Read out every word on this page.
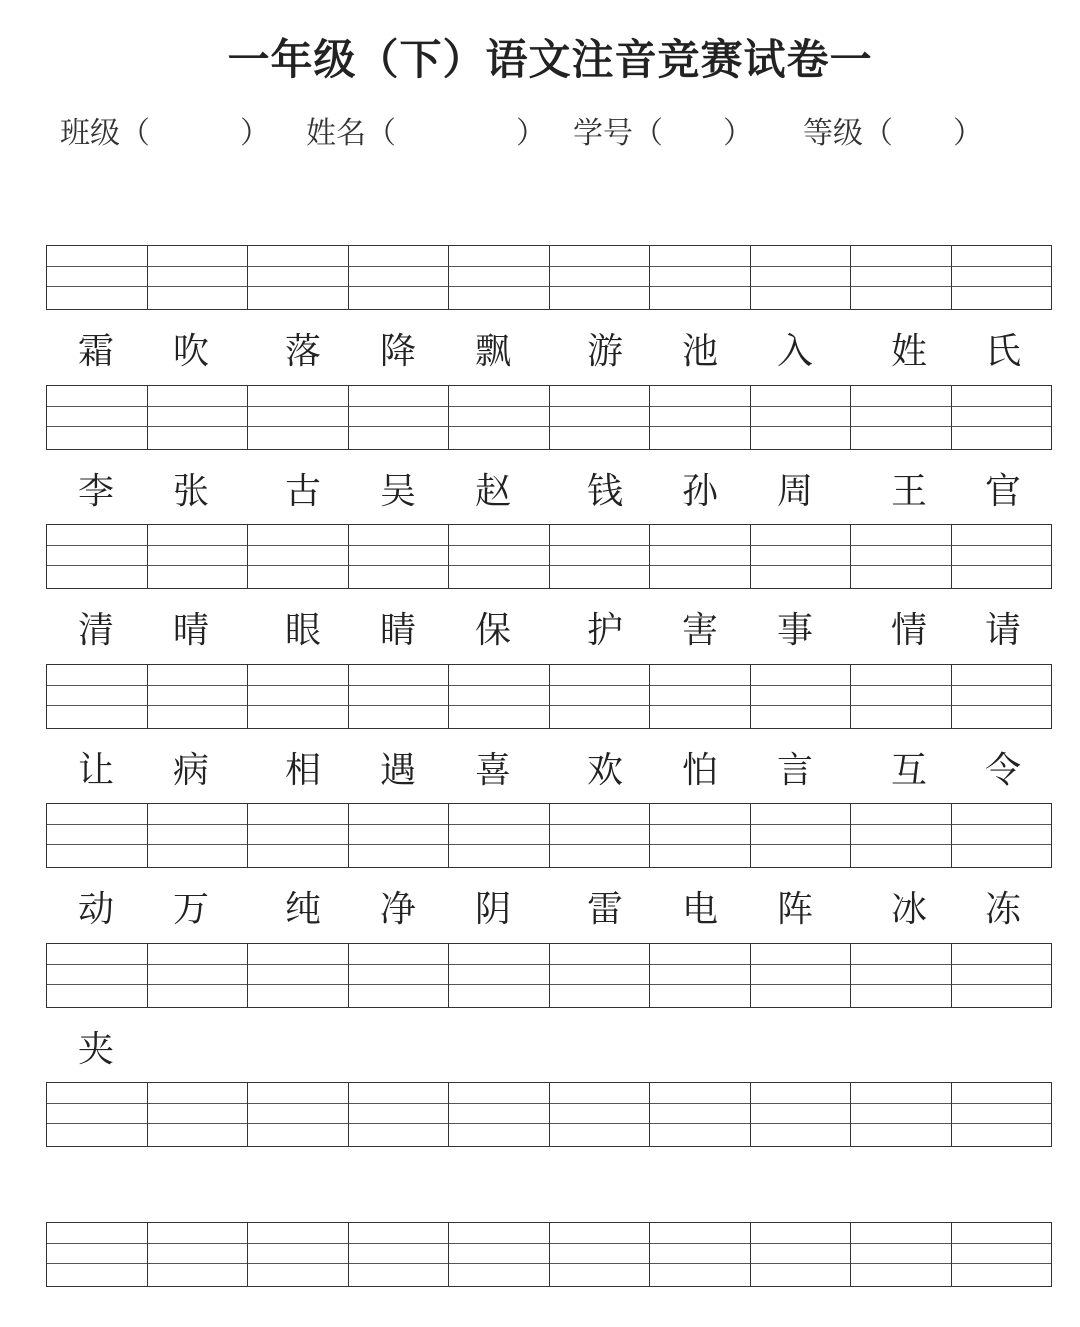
一年级（下）语文注音竞赛试卷一
班级（　　　） 姓名（　　　　） 学号（　　） 等级（　　）
霜	吹	落	降	飘	游	池	入	姓	氏
李	张	古	吴	赵	钱	孙	周	王	官
清	晴	眼	睛	保	护	害	事	情	请
让	病	相	遇	喜	欢	怕	言	互	令
动	万	纯	净	阴	雷	电	阵	冰	冻
夹
